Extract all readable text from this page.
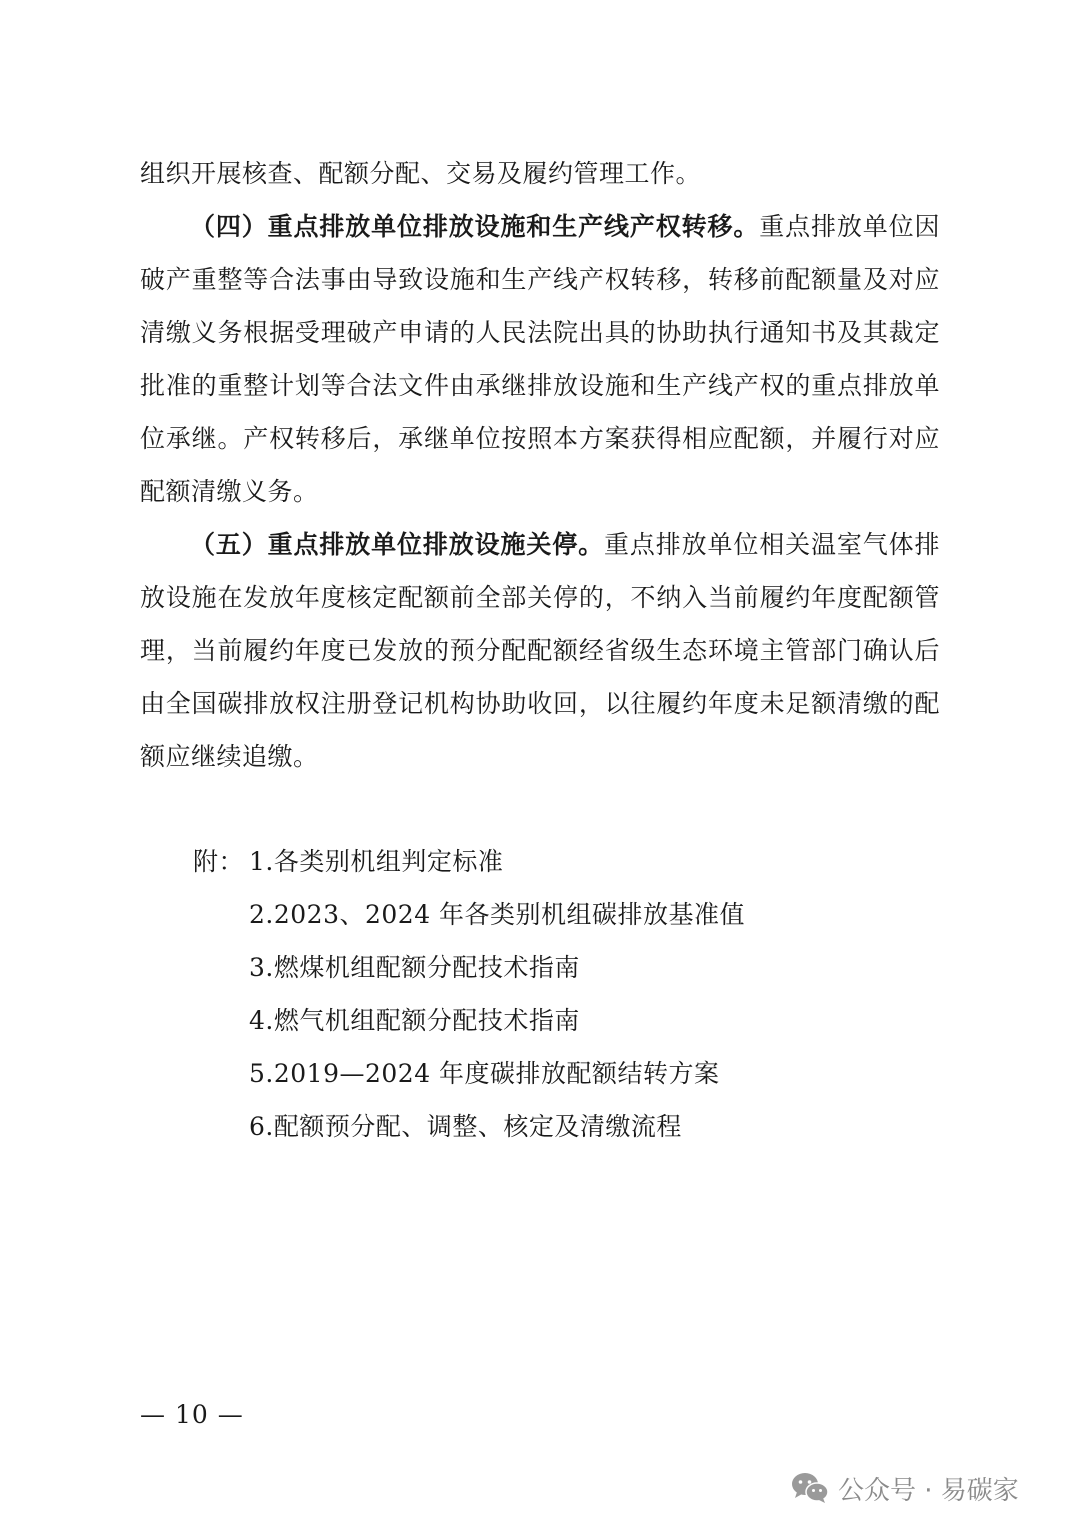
组织开展核查、配额分配、交易及履约管理工作。

（四）重点排放单位排放设施和生产线产权转移。重点排放单位因破产重整等合法事由导致设施和生产线产权转移，转移前配额量及对应清缴义务根据受理破产申请的人民法院出具的协助执行通知书及其裁定批准的重整计划等合法文件由承继排放设施和生产线产权的重点排放单位承继。产权转移后，承继单位按照本方案获得相应配额，并履行对应配额清缴义务。

（五）重点排放单位排放设施关停。重点排放单位相关温室气体排放设施在发放年度核定配额前全部关停的，不纳入当前履约年度配额管理，当前履约年度已发放的预分配配额经省级生态环境主管部门确认后由全国碳排放权注册登记机构协助收回，以往履约年度未足额清缴的配额应继续追缴。

附： 1.各类别机组判定标准
2.2023、2024 年各类别机组碳排放基准值
3.燃煤机组配额分配技术指南
4.燃气机组配额分配技术指南
5.2019—2024 年度碳排放配额结转方案
6.配额预分配、调整、核定及清缴流程
— 10 —
公众号 · 易碳家
